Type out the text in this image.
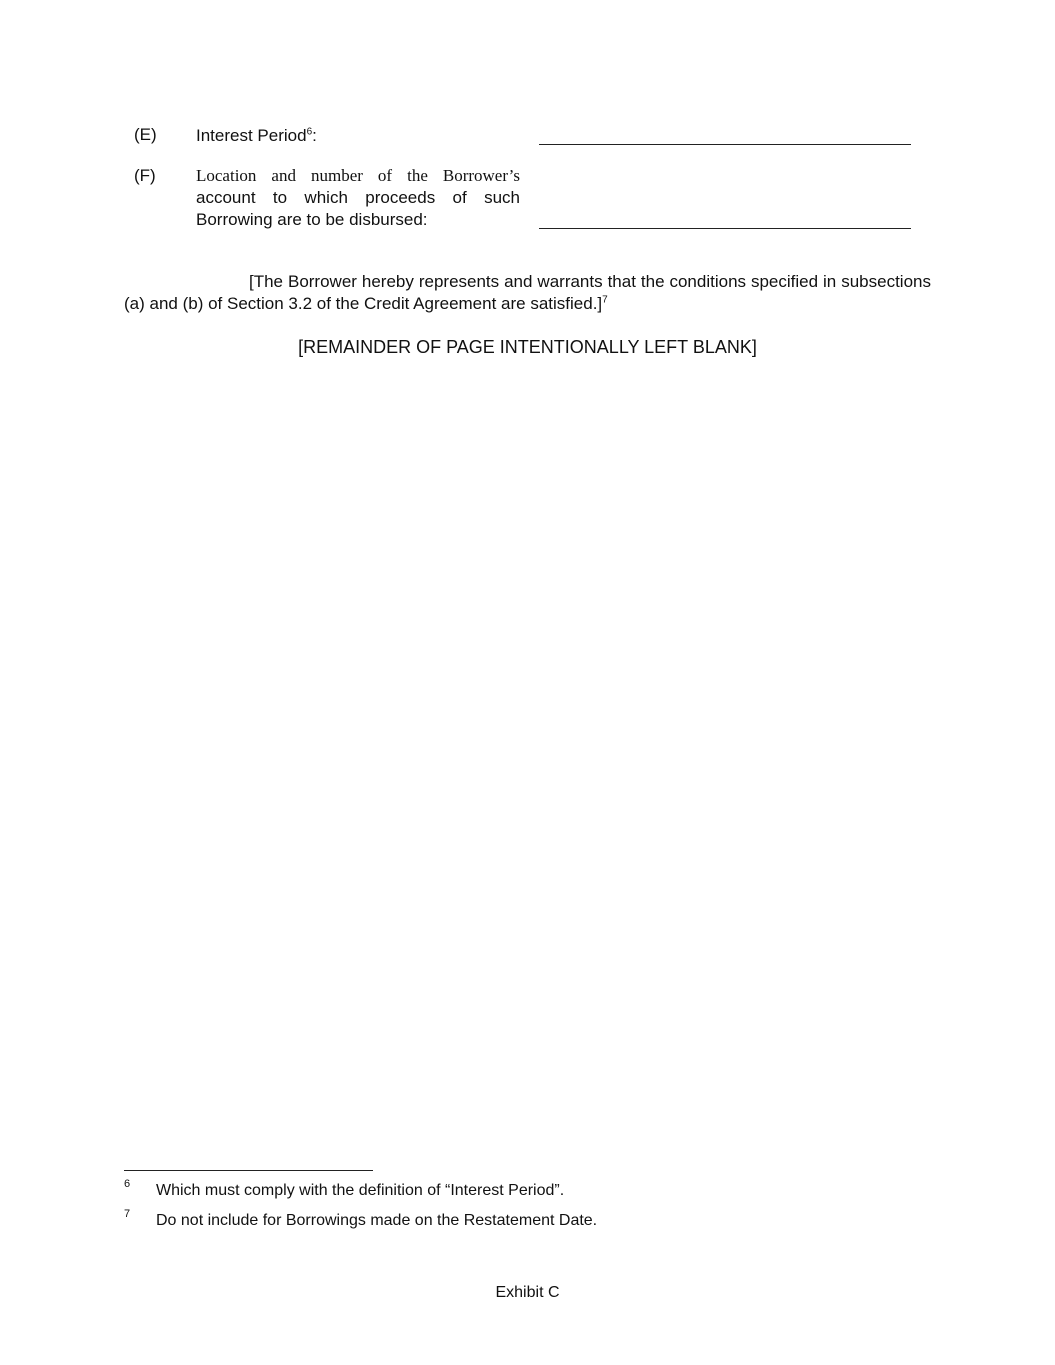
(E) Interest Period$^6$:
(F) Location and number of the Borrower’s
account to which proceeds of such Borrowing are to be disbursed:
[The Borrower hereby represents and warrants that the conditions specified in subsections (a) and (b) of Section 3.2 of the Credit Agreement are satisfied.]$^7$
[REMAINDER OF PAGE INTENTIONALLY LEFT BLANK]
6 Which must comply with the definition of “Interest Period”.
7 Do not include for Borrowings made on the Restatement Date.
Exhibit C
